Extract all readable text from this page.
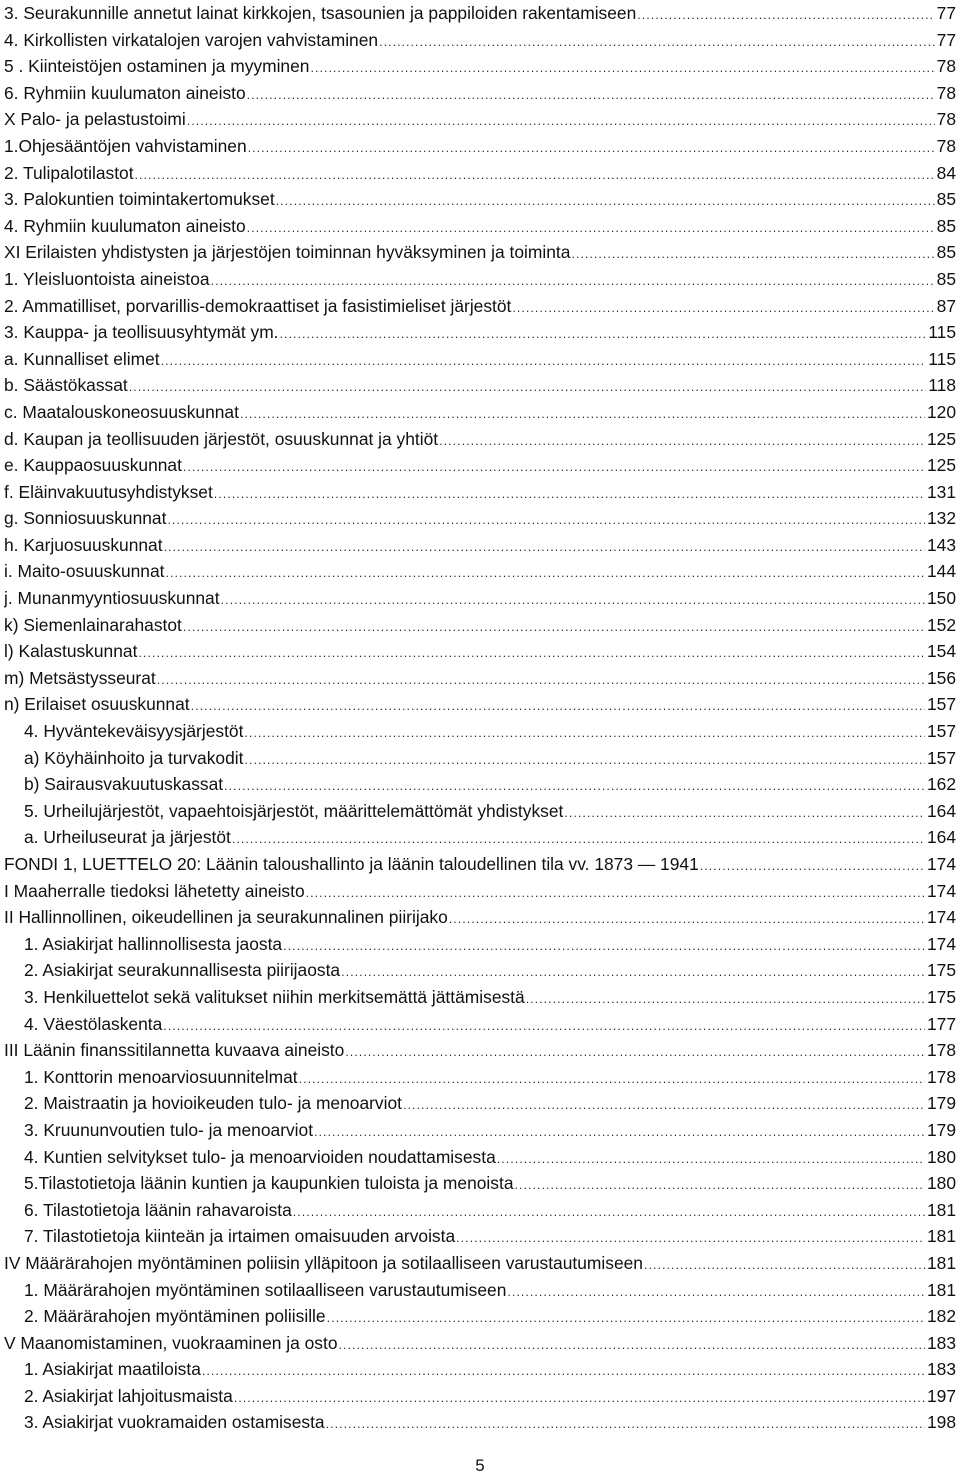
3. Seurakunnille annetut lainat kirkkojen, tsasounien ja pappiloiden rakentamiseen .....	77
4. Kirkollisten virkatalojen varojen vahvistaminen .....	77
5 . Kiinteistöjen ostaminen ja myyminen .....	78
6. Ryhmiin kuulumaton aineisto .....	78
X Palo- ja pelastustoimi .....	78
1.Ohjesääntöjen vahvistaminen .....	78
2. Tulipalotilastot .....	84
3. Palokuntien toimintakertomukset .....	85
4. Ryhmiin kuulumaton aineisto .....	85
XI Erilaisten yhdistysten ja järjestöjen toiminnan hyväksyminen ja toiminta .....	85
1. Yleisluontoista aineistoa .....	85
2. Ammatilliset, porvarillis-demokraattiset ja fasistimieliset järjestöt .....	87
3. Kauppa- ja teollisuusyhtymät ym. .....	115
a. Kunnalliset elimet .....	115
b. Säästökassat .....	118
c. Maatalouskoneosuuskunnat .....	120
d. Kaupan ja teollisuuden järjestöt, osuuskunnat ja yhtiöt .....	125
e. Kauppaosuuskunnat .....	125
f. Eläinvakuutusyhdistykset .....	131
g. Sonniosuuskunnat .....	132
h. Karjuosuuskunnat .....	143
i. Maito-osuuskunnat .....	144
j. Munanmyyntiosuuskunnat .....	150
k) Siemenlainarahastot .....	152
l) Kalastuskunnat .....	154
m) Metsästysseurat .....	156
n) Erilaiset osuuskunnat .....	157
4. Hyväntekeväisyysjärjestöt .....	157
a) Köyhäinhoito ja turvakodit .....	157
b) Sairausvakuutuskassat .....	162
5. Urheilujärjestöt, vapaehtoisjärjestöt, määrittelemättömät yhdistykset .....	164
a. Urheiluseurat ja järjestöt .....	164
FONDI 1, LUETTELO 20: Läänin taloushallinto ja läänin taloudellinen tila vv. 1873 — 1941 .....	174
I Maaherralle tiedoksi lähetetty aineisto .....	174
II Hallinnollinen, oikeudellinen ja seurakunnalinen piirijako .....	174
1. Asiakirjat hallinnollisesta jaosta .....	174
2. Asiakirjat seurakunnallisesta piirijaosta .....	175
3. Henkiluettelot sekä valitukset niihin merkitsemättä jättämisestä .....	175
4. Väestölaskenta .....	177
III Läänin finanssitilannetta kuvaava aineisto .....	178
1. Konttorin menoarviosuunnitelmat .....	178
2. Maistraatin ja hovioikeuden tulo- ja menoarviot .....	179
3. Kruununvoutien tulo- ja menoarviot .....	179
4. Kuntien selvitykset tulo- ja menoarvioiden noudattamisesta .....	180
5.Tilastotietoja läänin kuntien ja kaupunkien tuloista ja menoista .....	180
6. Tilastotietoja läänin rahavaroista .....	181
7. Tilastotietoja kiinteän ja irtaimen omaisuuden arvoista .....	181
IV Määrärahojen myöntäminen poliisin ylläpitoon ja sotilaalliseen varustautumiseen .....	181
1. Määrärahojen myöntäminen sotilaalliseen varustautumiseen .....	181
2. Määrärahojen myöntäminen poliisille .....	182
V Maanomistaminen, vuokraaminen ja osto .....	183
1. Asiakirjat maatiloista .....	183
2. Asiakirjat lahjoitusmaista .....	197
3. Asiakirjat vuokramaiden ostamisesta .....	198
5
